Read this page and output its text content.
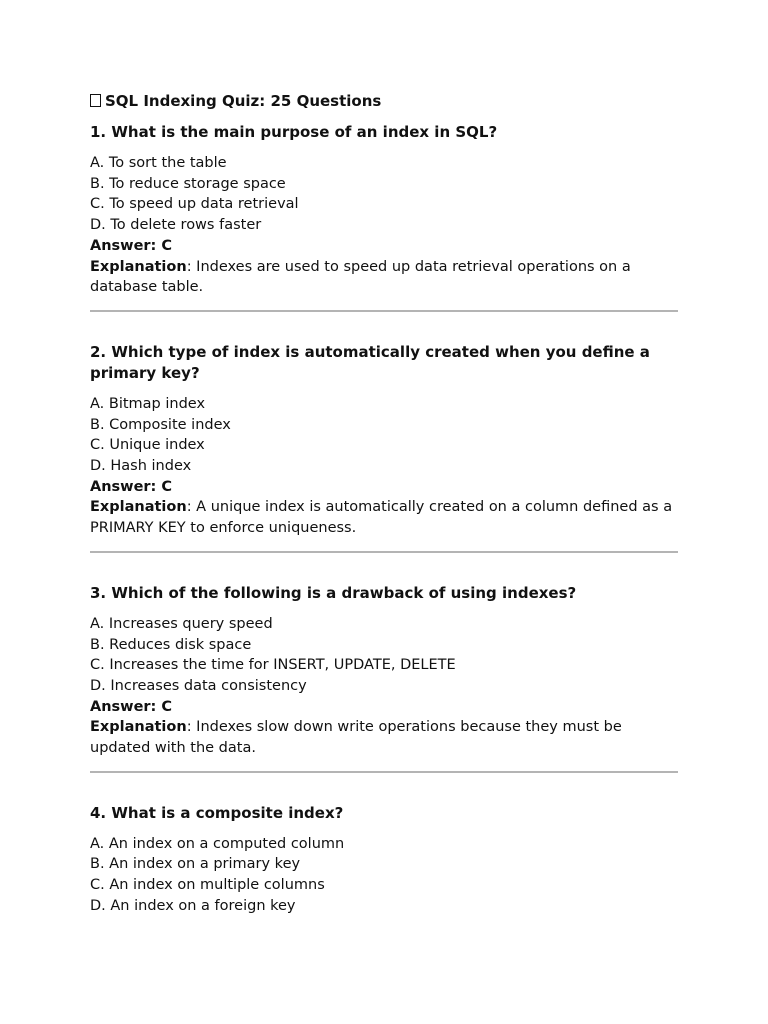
SQL Indexing Quiz: 25 Questions
1. What is the main purpose of an index in SQL?
A. To sort the table
B. To reduce storage space
C. To speed up data retrieval
D. To delete rows faster
Answer: C
Explanation: Indexes are used to speed up data retrieval operations on a database table.
2. Which type of index is automatically created when you define a primary key?
A. Bitmap index
B. Composite index
C. Unique index
D. Hash index
Answer: C
Explanation: A unique index is automatically created on a column defined as a PRIMARY KEY to enforce uniqueness.
3. Which of the following is a drawback of using indexes?
A. Increases query speed
B. Reduces disk space
C. Increases the time for INSERT, UPDATE, DELETE
D. Increases data consistency
Answer: C
Explanation: Indexes slow down write operations because they must be updated with the data.
4. What is a composite index?
A. An index on a computed column
B. An index on a primary key
C. An index on multiple columns
D. An index on a foreign key
